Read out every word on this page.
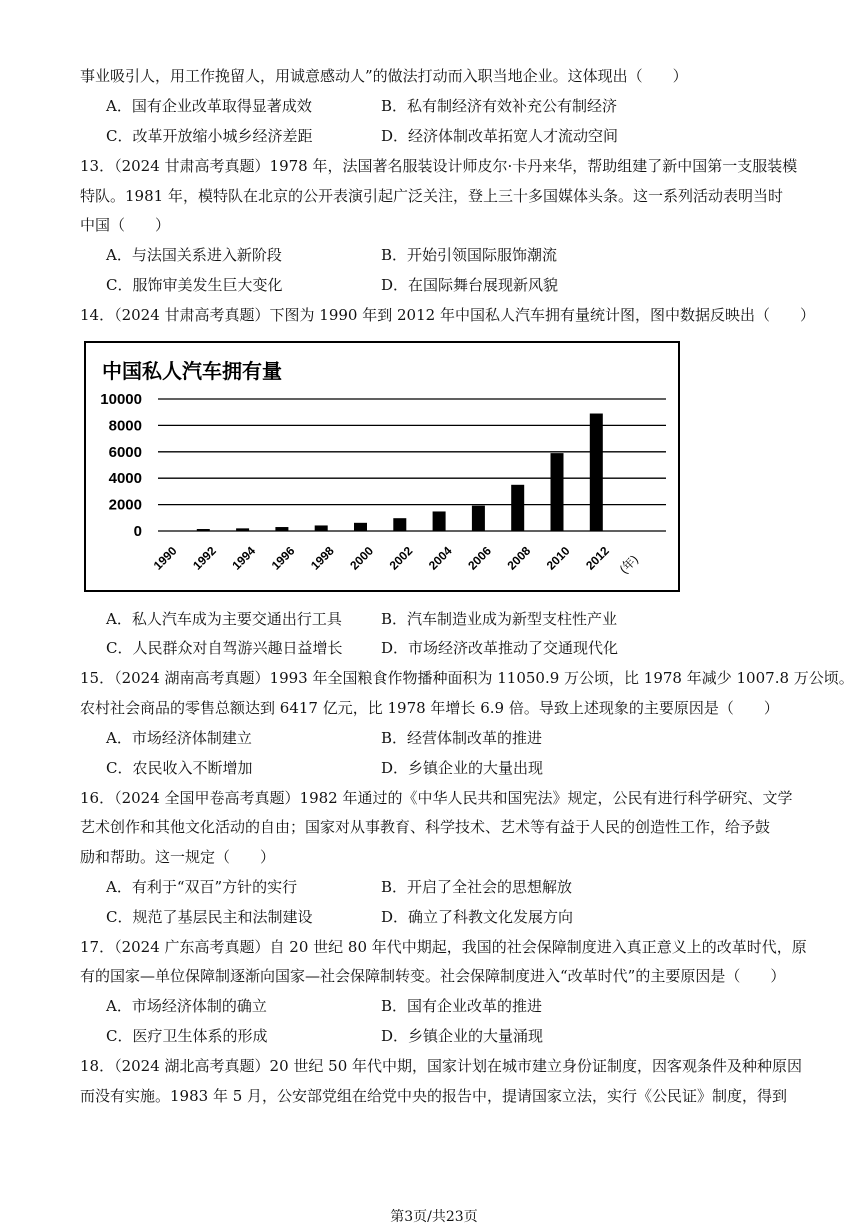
事业吸引人，用工作挽留人，用诚意感动人”的做法打动而入职当地企业。这体现出（　　）
A．国有企业改革取得显著成效	B．私有制经济有效补充公有制经济
C．改革开放缩小城乡经济差距	D．经济体制改革拓宽人才流动空间
13．（2024 甘肃高考真题）1978 年，法国著名服装设计师皮尔·卡丹来华，帮助组建了新中国第一支服装模
特队。1981 年，模特队在北京的公开表演引起广泛关注，登上三十多国媒体头条。这一系列活动表明当时
中国（　　）
A．与法国关系进入新阶段	B．开始引领国际服饰潮流
C．服饰审美发生巨大变化	D．在国际舞台展现新风貌
14．（2024 甘肃高考真题）下图为 1990 年到 2012 年中国私人汽车拥有量统计图，图中数据反映出（　　）
中国私人汽车拥有量
0
2000
4000
6000
8000
10000
1990 1992 1994 1996 1998 2000 2002 2004 2006 2008 2010 2012 (年)
A．私人汽车成为主要交通出行工具	B．汽车制造业成为新型支柱性产业
C．人民群众对自驾游兴趣日益增长	D．市场经济改革推动了交通现代化
15．（2024 湖南高考真题）1993 年全国粮食作物播种面积为 11050.9 万公顷，比 1978 年减少 1007.8 万公顷。
农村社会商品的零售总额达到 6417 亿元，比 1978 年增长 6.9 倍。导致上述现象的主要原因是（　　）
A．市场经济体制建立	B．经营体制改革的推进
C．农民收入不断增加	D．乡镇企业的大量出现
16．（2024 全国甲卷高考真题）1982 年通过的《中华人民共和国宪法》规定，公民有进行科学研究、文学
艺术创作和其他文化活动的自由；国家对从事教育、科学技术、艺术等有益于人民的创造性工作，给予鼓
励和帮助。这一规定（　　）
A．有利于“双百”方针的实行	B．开启了全社会的思想解放
C．规范了基层民主和法制建设	D．确立了科教文化发展方向
17．（2024 广东高考真题）自 20 世纪 80 年代中期起，我国的社会保障制度进入真正意义上的改革时代，原
有的国家—单位保障制逐渐向国家—社会保障制转变。社会保障制度进入“改革时代”的主要原因是（　　）
A．市场经济体制的确立	B．国有企业改革的推进
C．医疗卫生体系的形成	D．乡镇企业的大量涌现
18．（2024 湖北高考真题）20 世纪 50 年代中期，国家计划在城市建立身份证制度，因客观条件及种种原因
而没有实施。1983 年 5 月，公安部党组在给党中央的报告中，提请国家立法，实行《公民证》制度，得到
第3页/共23页
